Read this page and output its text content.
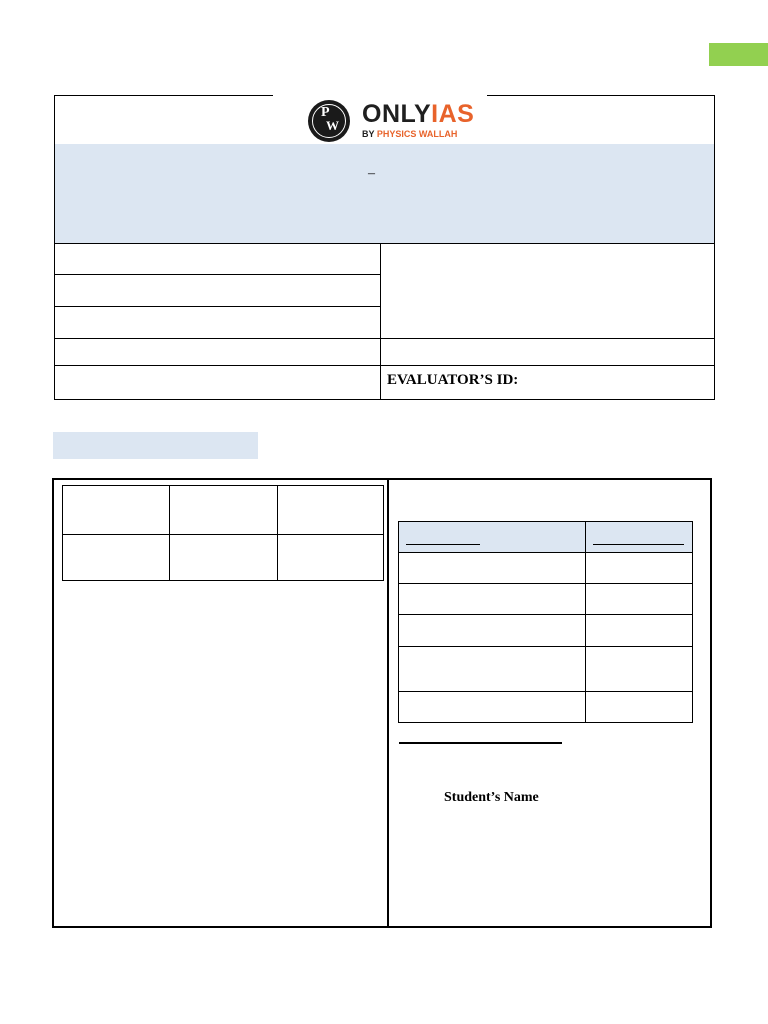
P
W ONLYIAS
BY PHYSICS WALLAH
–
EVALUATOR’S ID:

Student’s Name
